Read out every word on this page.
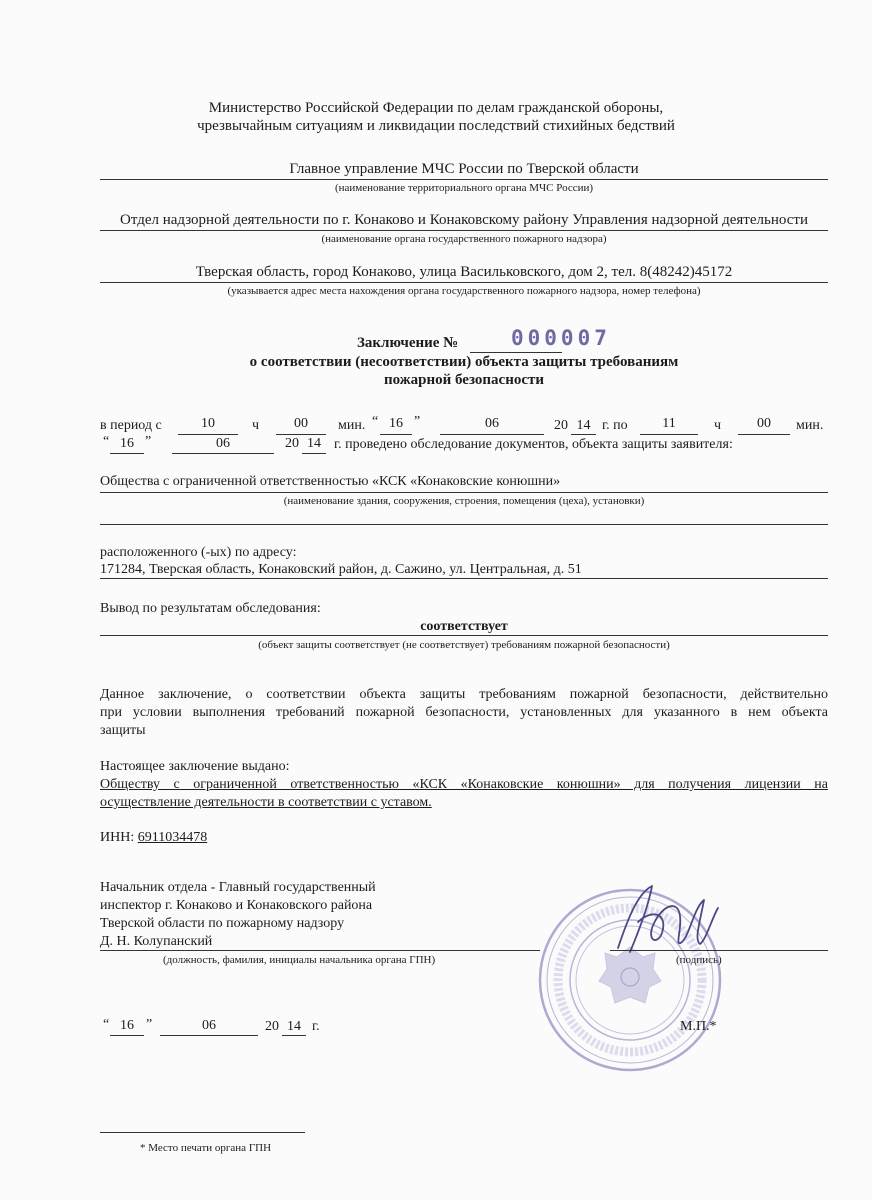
Министерство Российской Федерации по делам гражданской обороны,
чрезвычайным ситуациям и ликвидации последствий стихийных бедствий
Главное управление МЧС России по Тверской области
(наименование территориального органа МЧС России)
Отдел надзорной деятельности по г. Конаково и Конаковскому району Управления надзорной деятельности
(наименование органа государственного пожарного надзора)
Тверская область, город Конаково, улица Васильковского, дом 2, тел. 8(48242)45172
(указывается адрес места нахождения органа государственного пожарного надзора, номер телефона)
Заключение №	000007
о соответствии (несоответствии) объекта защиты требованиям
пожарной безопасности
в период с	10	ч	00	мин. “ 16 ”	06	20 14 г. по	11	ч	00	мин.
“ 16 ”	06	20 14 г. проведено обследование документов, объекта защиты заявителя:
Общества с ограниченной ответственностью «КСК «Конаковские конюшни»
(наименование здания, сооружения, строения, помещения (цеха), установки)
расположенного (-ых) по адресу:
171284, Тверская область, Конаковский район, д. Сажино, ул. Центральная, д. 51
Вывод по результатам обследования:
соответствует
(объект защиты соответствует (не соответствует) требованиям пожарной безопасности)
Данное заключение, о соответствии объекта защиты требованиям пожарной безопасности, действительно
при условии выполнения требований пожарной безопасности, установленных для указанного в нем объекта
защиты
Настоящее заключение выдано:
Обществу с ограниченной ответственностью «КСК «Конаковские конюшни» для получения лицензии на
осуществление деятельности в соответствии с уставом.
ИНН: 6911034478
Начальник отдела - Главный государственный
инспектор г. Конаково и Конаковского района
Тверской области по пожарному надзору
Д. Н. Колупанский
(должность, фамилия, инициалы начальника органа ГПН)	(подпись)
“ 16 ”	06	20 14 г.	М.П.*
* Место печати органа ГПН
